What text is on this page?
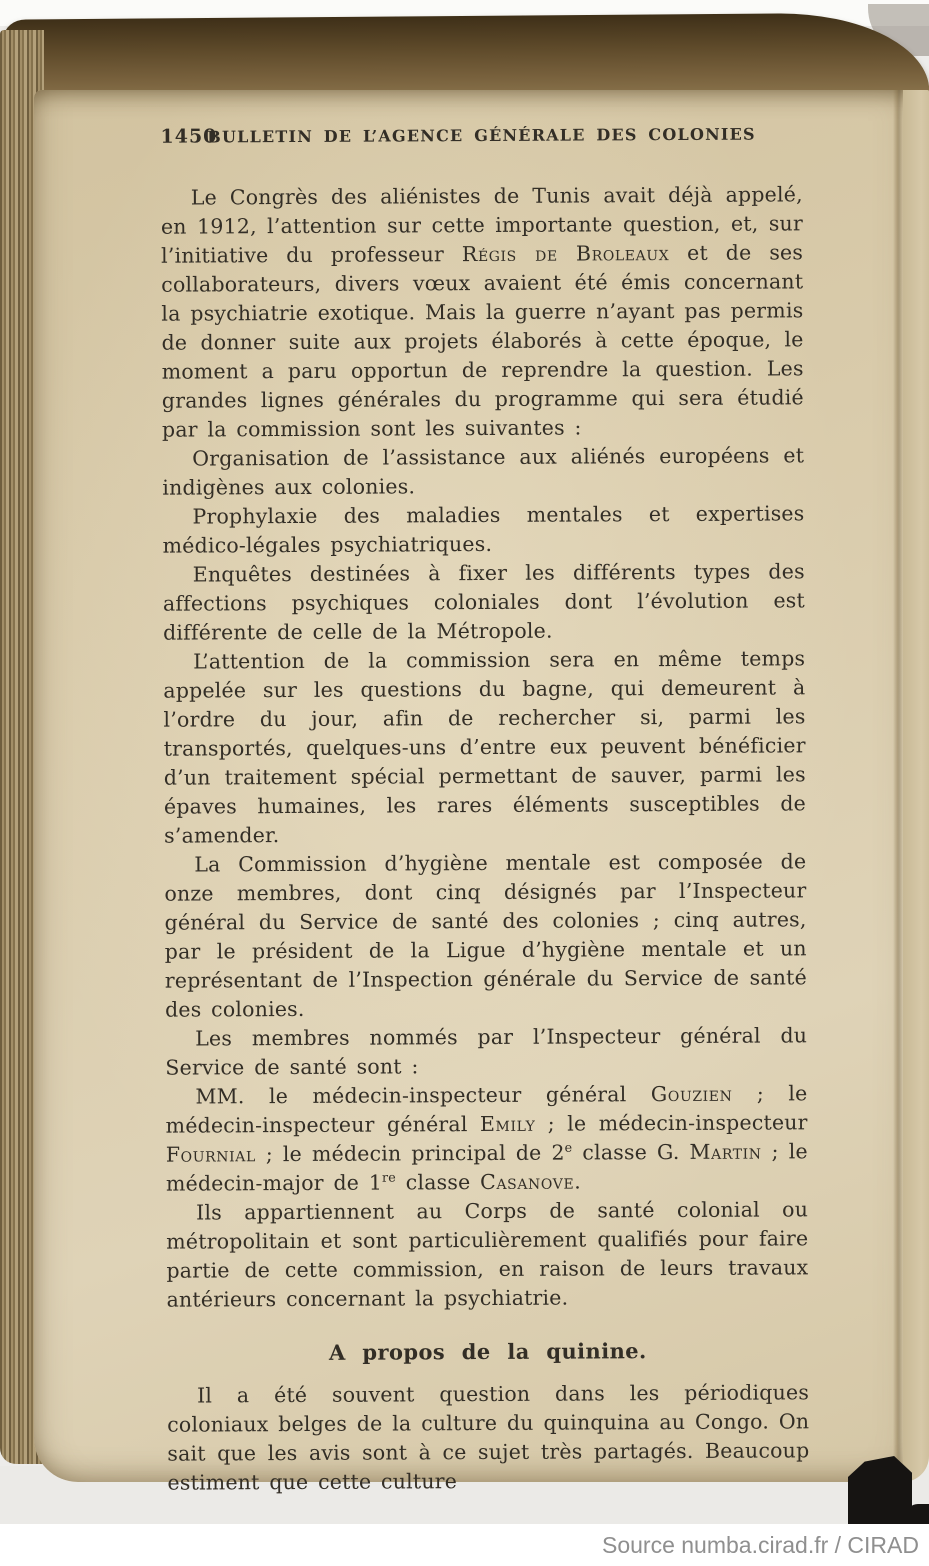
1450
BULLETIN DE L’AGENCE GÉNÉRALE DES COLONIES

Le Congrès des aliénistes de Tunis avait déjà appelé, en 1912, l’attention sur cette importante question, et, sur l’initiative du professeur Régis de Broleaux et de ses collaborateurs, divers vœux avaient été émis concernant la psychiatrie exotique. Mais la guerre n’ayant pas permis de donner suite aux projets élaborés à cette époque, le moment a paru opportun de reprendre la question. Les grandes lignes générales du programme qui sera étudié par la commission sont les suivantes :

Organisation de l’assistance aux aliénés européens et indigènes aux colonies.

Prophylaxie des maladies mentales et expertises médico-légales psychiatriques.

Enquêtes destinées à fixer les différents types des affections psychiques coloniales dont l’évolution est différente de celle de la Métropole.

L’attention de la commission sera en même temps appelée sur les questions du bagne, qui demeurent à l’ordre du jour, afin de rechercher si, parmi les transportés, quelques-uns d’entre eux peuvent bénéficier d’un traitement spécial permettant de sauver, parmi les épaves humaines, les rares éléments susceptibles de s’amender.

La Commission d’hygiène mentale est composée de onze membres, dont cinq désignés par l’Inspecteur général du Service de santé des colonies ; cinq autres, par le président de la Ligue d’hygiène mentale et un représentant de l’Inspection générale du Service de santé des colonies.

Les membres nommés par l’Inspecteur général du Service de santé sont :

MM. le médecin-inspecteur général Gouzien ; le médecin-inspecteur général Emily ; le médecin-inspecteur Fournial ; le médecin principal de 2e classe G. Martin ; le médecin-major de 1re classe Casanove.

Ils appartiennent au Corps de santé colonial ou métropolitain et sont particulièrement qualifiés pour faire partie de cette commission, en raison de leurs travaux antérieurs concernant la psychiatrie.

A propos de la quinine.

Il a été souvent question dans les périodiques coloniaux belges de la culture du quinquina au Congo. On sait que les avis sont à ce sujet très partagés. Beaucoup estiment que cette culture

Source numba.cirad.fr / CIRAD
